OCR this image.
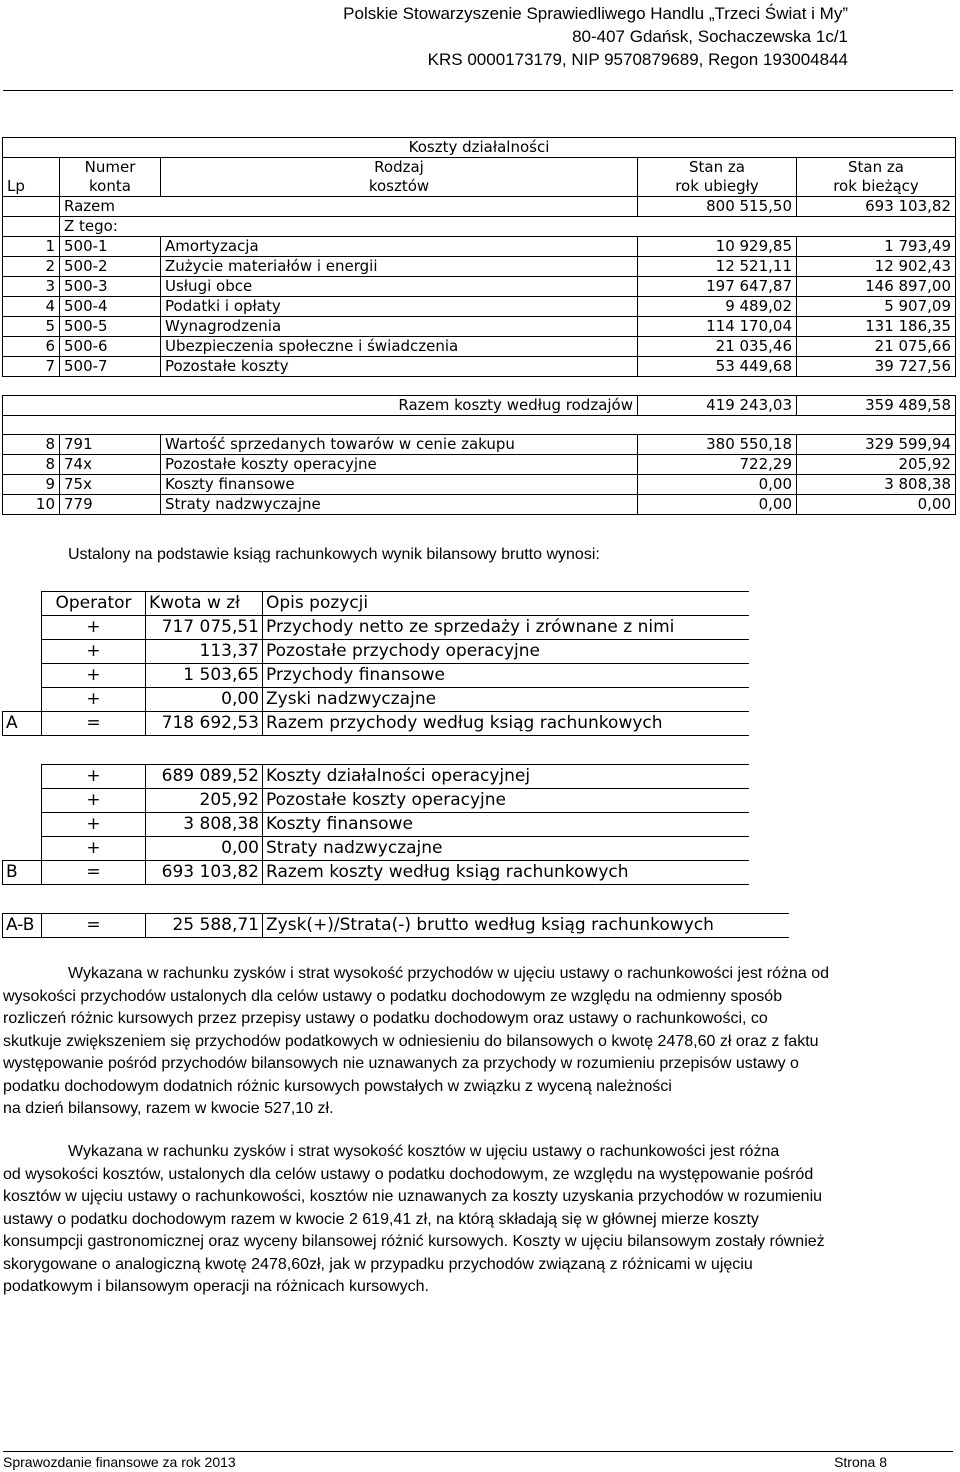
Polskie Stowarzyszenie Sprawiedliwego Handlu „Trzeci Świat i My”
80-407 Gdańsk, Sochaczewska 1c/1
KRS 0000173179, NIP 9570879689, Regon 193004844
Koszty działalności				
	Numer	Rodzaj	Stan za	Stan za
Lp	konta	kosztów	rok ubiegły	rok bieżący
	Razem		800 515,50	693 103,82
	Z tego:			
1	500-1	Amortyzacja	10 929,85	1 793,49
2	500-2	Zużycie materiałów i energii	12 521,11	12 902,43
3	500-3	Usługi obce	197 647,87	146 897,00
4	500-4	Podatki i opłaty	9 489,02	5 907,09
5	500-5	Wynagrodzenia	114 170,04	131 186,35
6	500-6	Ubezpieczenia społeczne i świadczenia	21 035,46	21 075,66
7	500-7	Pozostałe koszty	53 449,68	39 727,56

Razem koszty według rodzajów			419 243,03	359 489,58

8	791	Wartość sprzedanych towarów w cenie zakupu	380 550,18	329 599,94
8	74x	Pozostałe koszty operacyjne	722,29	205,92
9	75x	Koszty finansowe	0,00	3 808,38
10	779	Straty nadzwyczajne	0,00	0,00
Ustalony na podstawie ksiąg rachunkowych wynik bilansowy brutto wynosi:
	Operator	Kwota w zł	Opis pozycji
	+	717 075,51	Przychody netto ze sprzedaży i zrównane z nimi
	+	113,37	Pozostałe przychody operacyjne
	+	1 503,65	Przychody finansowe
	+	0,00	Zyski nadzwyczajne
A	=	718 692,53	Razem przychody według ksiąg rachunkowych
	+	689 089,52	Koszty działalności operacyjnej
	+	205,92	Pozostałe koszty operacyjne
	+	3 808,38	Koszty finansowe
	+	0,00	Straty nadzwyczajne
B	=	693 103,82	Razem koszty według ksiąg rachunkowych
A-B	=	25 588,71	Zysk(+)/Strata(-) brutto według ksiąg rachunkowych
Wykazana w rachunku zysków i strat wysokość przychodów w ujęciu ustawy o rachunkowości jest różna od
wysokości przychodów ustalonych dla celów ustawy o podatku dochodowym ze względu na odmienny sposób
rozliczeń różnic kursowych przez przepisy ustawy o podatku dochodowym oraz ustawy o rachunkowości, co
skutkuje zwiększeniem się przychodów podatkowych w odniesieniu do bilansowych o kwotę 2478,60 zł oraz z faktu
występowanie pośród przychodów bilansowych nie uznawanych za przychody w rozumieniu przepisów ustawy o
podatku dochodowym dodatnich różnic kursowych powstałych w związku z wyceną należności
na dzień bilansowy, razem w kwocie 527,10 zł.
Wykazana w rachunku zysków i strat wysokość kosztów w ujęciu ustawy o rachunkowości jest różna
od wysokości kosztów, ustalonych dla celów ustawy o podatku dochodowym, ze względu na występowanie pośród
kosztów w ujęciu ustawy o rachunkowości, kosztów nie uznawanych za koszty uzyskania przychodów w rozumieniu
ustawy o podatku dochodowym razem w kwocie 2 619,41 zł, na którą składają się w głównej mierze koszty
konsumpcji gastronomicznej oraz wyceny bilansowej różnić kursowych. Koszty w ujęciu bilansowym zostały również
skorygowane o analogiczną kwotę 2478,60zł, jak w przypadku przychodów związaną z różnicami w ujęciu
podatkowym i bilansowym operacji na różnicach kursowych.
Sprawozdanie finansowe za rok 2013	Strona 8
